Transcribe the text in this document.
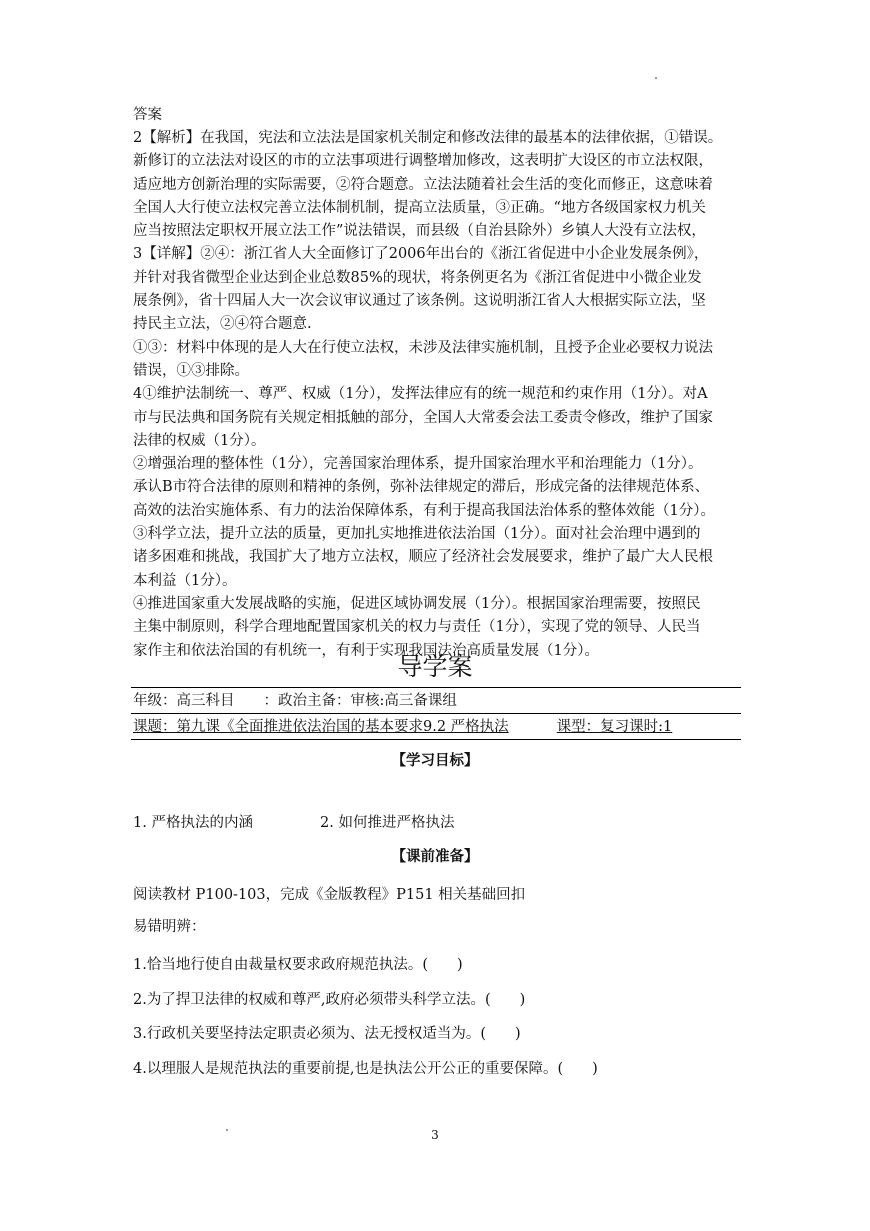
答案

2【解析】在我国，宪法和立法法是国家机关制定和修改法律的最基本的法律依据，①错误。

新修订的立法法对设区的市的立法事项进行调整增加修改，这表明扩大设区的市立法权限，

适应地方创新治理的实际需要，②符合题意。立法法随着社会生活的变化而修正，这意味着

全国人大行使立法权完善立法体制机制，提高立法质量，③正确。“地方各级国家权力机关

应当按照法定职权开展立法工作”说法错误，而县级（自治县除外）乡镇人大没有立法权，

3【详解】②④：浙江省人大全面修订了2006年出台的《浙江省促进中小企业发展条例》，

并针对我省微型企业达到企业总数85%的现状，将条例更名为《浙江省促进中小微企业发

展条例》，省十四届人大一次会议审议通过了该条例。这说明浙江省人大根据实际立法，坚

持民主立法，②④符合题意.

①③：材料中体现的是人大在行使立法权，未涉及法律实施机制，且授予企业必要权力说法

错误，①③排除。

4①维护法制统一、尊严、权威（1分），发挥法律应有的统一规范和约束作用（1分）。对A

市与民法典和国务院有关规定相抵触的部分，全国人大常委会法工委责令修改，维护了国家

法律的权威（1分）。

②增强治理的整体性（1分），完善国家治理体系，提升国家治理水平和治理能力（1分）。

承认B市符合法律的原则和精神的条例，弥补法律规定的滞后，形成完备的法律规范体系、

高效的法治实施体系、有力的法治保障体系，有利于提高我国法治体系的整体效能（1分）。

③科学立法，提升立法的质量，更加扎实地推进依法治国（1分）。面对社会治理中遇到的

诸多困难和挑战，我国扩大了地方立法权，顺应了经济社会发展要求，维护了最广大人民根

本利益（1分）。

④推进国家重大发展战略的实施，促进区域协调发展（1分）。根据国家治理需要，按照民

主集中制原则，科学合理地配置国家机关的权力与责任（1分），实现了党的领导、人民当

家作主和依法治国的有机统一，有利于实现我国法治高质量发展（1分）。

导学案
年级：高三科目　　：政治主备：审核:高三备课组
课题：第九课《全面推进依法治国的基本要求9.2 严格执法	课型：复习课时:1
【学习目标】
1. 严格执法的内涵	2. 如何推进严格执法
【课前准备】
阅读教材 P100-103，完成《金版教程》P151 相关基础回扣
易错明辨：
1.恰当地行使自由裁量权要求政府规范执法。(　　)
2.为了捍卫法律的权威和尊严,政府必须带头科学立法。(　　)
3.行政机关要坚持法定职责必须为、法无授权适当为。(　　)
4.以理服人是规范执法的重要前提,也是执法公开公正的重要保障。(　　)
3
